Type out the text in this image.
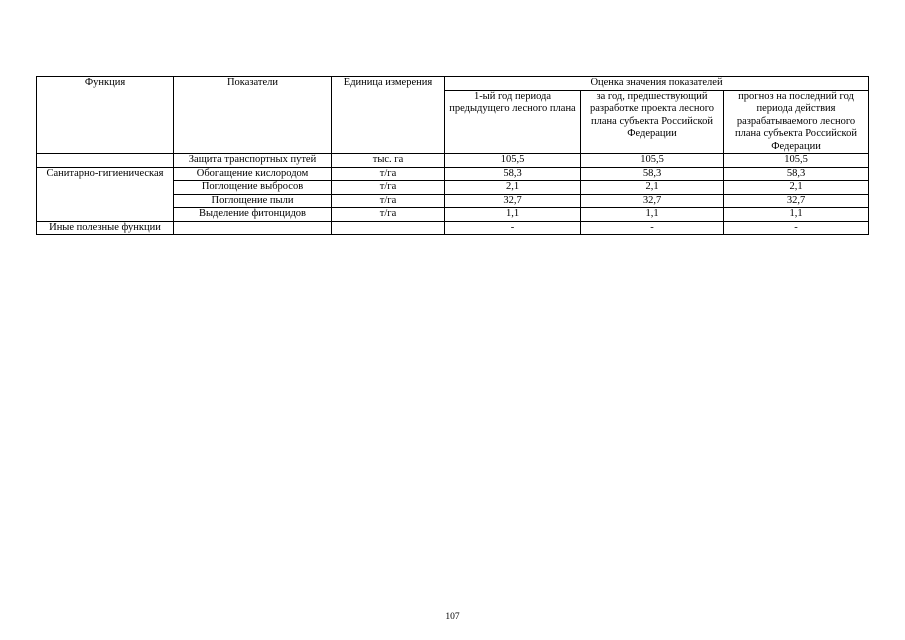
Функция	Показатели	Единица измерения	Оценка значения показателей		
			1-ый год периода предыдущего лесного плана	за год, предшествующий разработке проекта лесного плана субъекта Российской Федерации	прогноз на последний год периода действия разрабатываемого лесного плана субъекта Российской Федерации
	Защита транспортных путей	тыс. га	105,5	105,5	105,5
Санитарно-гигиеническая	Обогащение кислородом	т/га	58,3	58,3	58,3
	Поглощение выбросов	т/га	2,1	2,1	2,1
	Поглощение пыли	т/га	32,7	32,7	32,7
	Выделение фитонцидов	т/га	1,1	1,1	1,1
Иные полезные функции			-	-	-
107
